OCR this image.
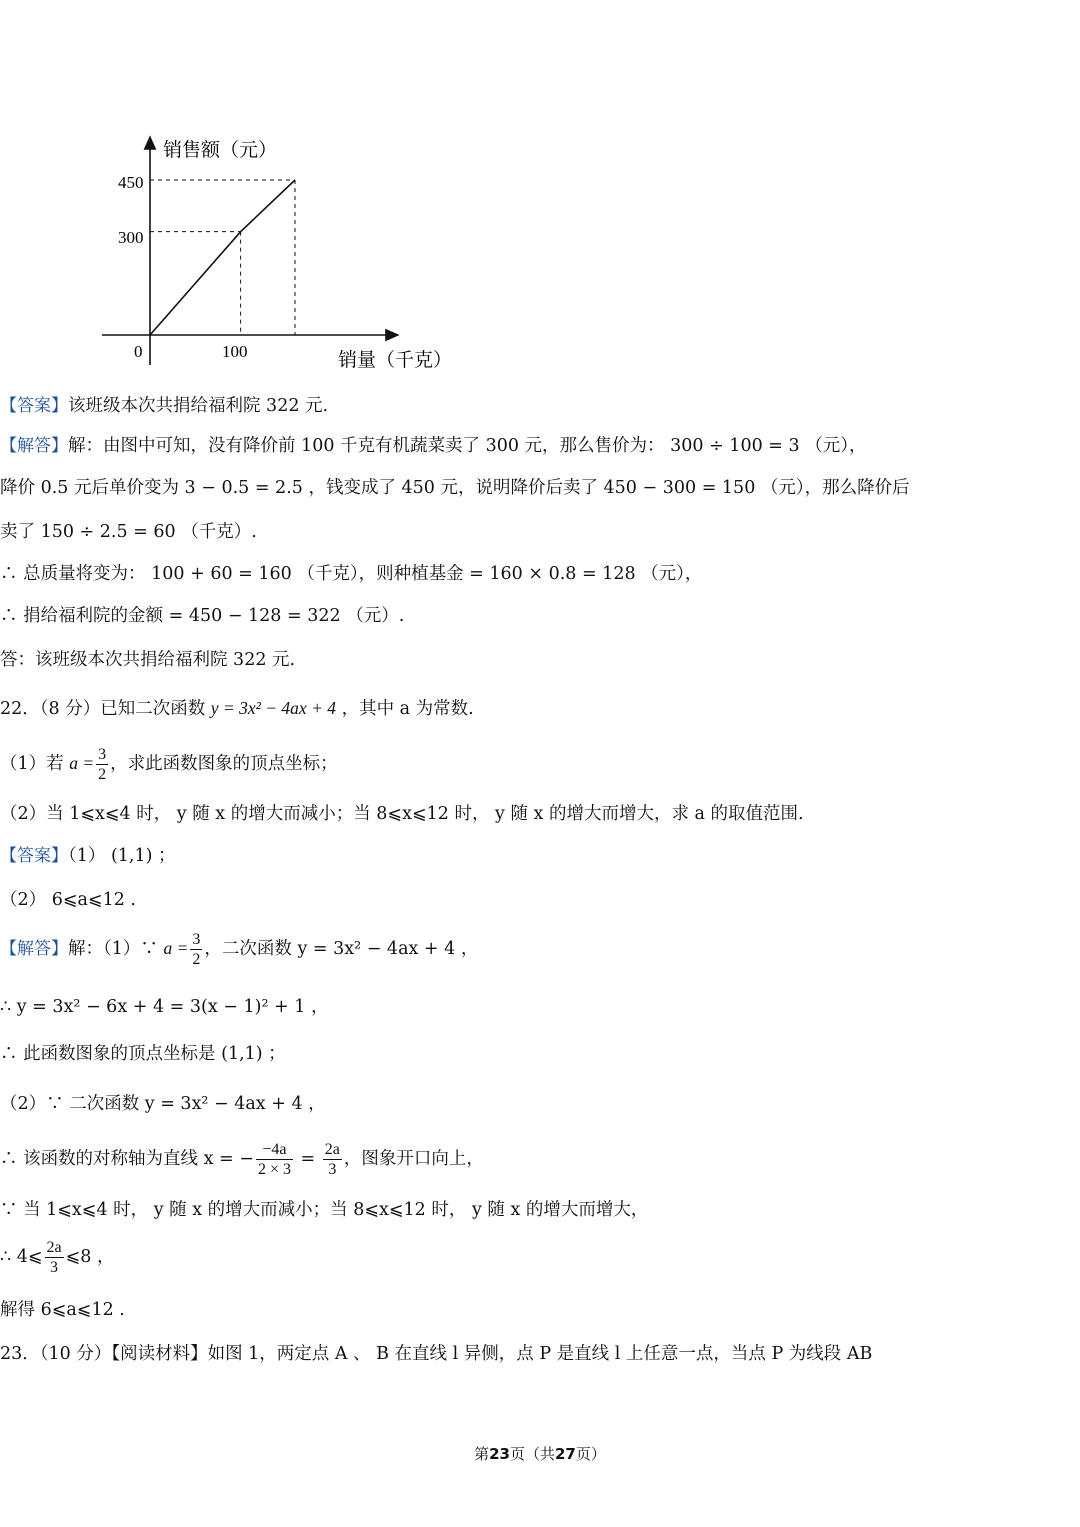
销售额（元）
销量（千克）
0	100
450
300
【答案】该班级本次共捐给福利院 322 元.
【解答】解：由图中可知，没有降价前 100 千克有机蔬菜卖了 300 元，那么售价为： 300 ÷ 100 = 3 （元），
降价 0.5 元后单价变为 3 − 0.5 = 2.5 ，钱变成了 450 元，说明降价后卖了 450 − 300 = 150 （元），那么降价后
卖了 150 ÷ 2.5 = 60 （千克）.
∴ 总质量将变为： 100 + 60 = 160 （千克），则种植基金 = 160 × 0.8 = 128 （元），
∴ 捐给福利院的金额 = 450 − 128 = 322 （元）.
答：该班级本次共捐给福利院 322 元.
22．（8 分）已知二次函数 y = 3x² − 4ax + 4 ，其中 a 为常数.
（1）若 $a = \frac{3}{2}$ ，求此函数图象的顶点坐标；
（2）当 1⩽x⩽4 时， y 随 x 的增大而减小；当 8⩽x⩽12 时， y 随 x 的增大而增大，求 a 的取值范围.
【答案】（1） (1,1) ；
（2） 6⩽a⩽12 .
【解答】解：（1）∵ $a = \frac{3}{2}$ ，二次函数 y = 3x² − 4ax + 4 ，
∴ y = 3x² − 6x + 4 = 3(x − 1)² + 1 ，
∴ 此函数图象的顶点坐标是 (1,1) ；
（2）∵ 二次函数 y = 3x² − 4ax + 4 ，
∴ 该函数的对称轴为直线 x = − $\frac{-4a}{2 \times 3} = \frac{2a}{3}$ ，图象开口向上，
∵ 当 1⩽x⩽4 时， y 随 x 的增大而减小；当 8⩽x⩽12 时， y 随 x 的增大而增大，
∴ 4⩽ $\frac{2a}{3}$ ⩽8 ，
解得 6⩽a⩽12 .
23．（10 分）【阅读材料】如图 1，两定点 A 、 B 在直线 l 异侧，点 P 是直线 l 上任意一点，当点 P 为线段 AB
第23页（共27页）
